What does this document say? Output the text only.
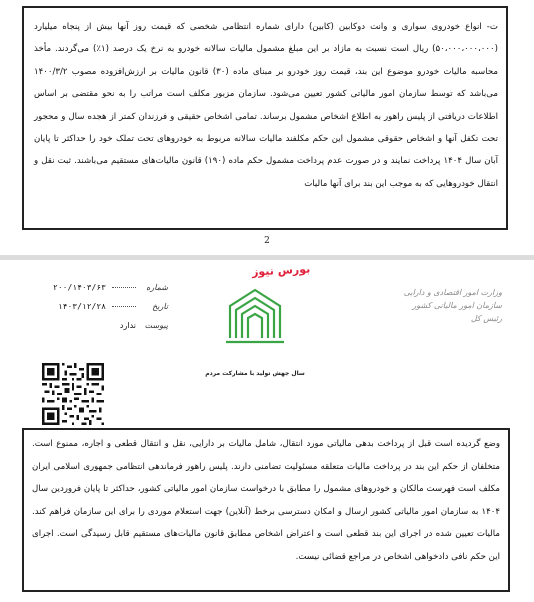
ت- انواع خودروی سواری و وانت دوکابین (کابین) دارای شماره انتظامی شخصی که قیمت روز آنها بیش از پنجاه میلیارد (۵۰،۰۰۰،۰۰۰،۰۰۰) ریال است نسبت به مازاد بر این مبلغ مشمول مالیات سالانه خودرو به نرخ یک درصد (۱٪) می‌گردند. مأخذ محاسبه مالیات خودرو موضوع این بند، قیمت روز خودرو بر مبنای ماده (۳۰) قانون مالیات بر ارزش‌افزوده مصوب ۱۴۰۰/۳/۲ می‌باشد که توسط سازمان امور مالیاتی کشور تعیین می‌شود. سازمان مزبور مکلف است مراتب را به نحو مقتضی بر اساس اطلاعات دریافتی از پلیس راهور به اطلاع اشخاص مشمول برساند. تمامی اشخاص حقیقی و فرزندان کمتر از هجده سال و محجور تحت تکفل آنها و اشخاص حقوقی مشمول این حکم مکلفند مالیات سالانه مربوط به خودروهای تحت تملک خود را حداکثر تا پایان آبان سال ۱۴۰۴ پرداخت نمایند و در صورت عدم پرداخت مشمول حکم ماده (۱۹۰) قانون مالیات‌های مستقیم می‌باشند. ثبت نقل و انتقال خودروهایی که به موجب این بند برای آنها مالیات
2
شماره
۲۰۰/۱۴۰۳/۶۳
تاریخ
۱۴۰۳/۱۲/۲۸
پیوست
ندارد
بورس نیوز
سال جهش تولید با مشارکت مردم
وزارت امور اقتصادی و دارایی
سازمان امور مالیاتی کشور
رئیس کل
وضع گردیده است قبل از پرداخت بدهی مالیاتی مورد انتقال، شامل مالیات بر دارایی، نقل و انتقال قطعی و اجاره، ممنوع است. متخلفان از حکم این بند در پرداخت مالیات متعلقه مسئولیت تضامنی دارند. پلیس راهور فرماندهی انتظامی جمهوری اسلامی ایران مکلف است فهرست مالکان و خودروهای مشمول را مطابق با درخواست سازمان امور مالیاتی کشور، حداکثر تا پایان فروردین سال ۱۴۰۴ به سازمان امور مالیاتی کشور ارسال و امکان دسترسی برخط (آنلاین) جهت استعلام موردی را برای این سازمان فراهم کند. مالیات تعیین شده در اجرای این بند قطعی است و اعتراض اشخاص مطابق قانون مالیات‌های مستقیم قابل رسیدگی است. اجرای این حکم نافی دادخواهی اشخاص در مراجع قضائی نیست.
